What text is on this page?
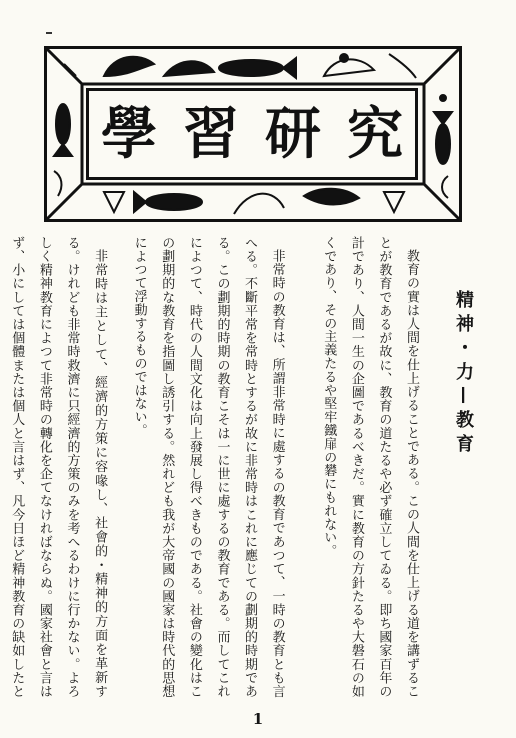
學習研究
精神・力—教育

教育の實は人間を仕上げることである。この人間を仕上げる道を講ずることが教育であるが故に、教育の道たるや必ず確立してゐる。即ち國家百年の計であり、人間一生の企圖であるべきだ。實に教育の方針たるや大磐石の如くであり、その主義たるや堅牢鐵扉の礬にもれない。

非常時の教育は、所謂非常時に處するの教育であつて、一時の教育とも言へる。不斷平常を常時とするが故に非常時はこれに應じての劃期的時期である。この劃期的時期の教育こそは一に世に處するの教育である。而してこれによつて、時代の人間文化は向上發展し得べきものである。社會の變化はこの劃期的な教育を指圖し誘引する。然れども我が大帝國の國家は時代的思想によつて浮動するものではない。

非常時は主として、經濟的方策に容喙し、社會的・精神的方面を革新する。けれども非常時救濟に只經濟的方策のみを考へるわけに行かない。よろしく精神教育によつて非常時の轉化を企てなければならぬ。國家社會と言はず、小にしては個體または個人と言はず、凡今日ほど精神教育の缺如したと

1
